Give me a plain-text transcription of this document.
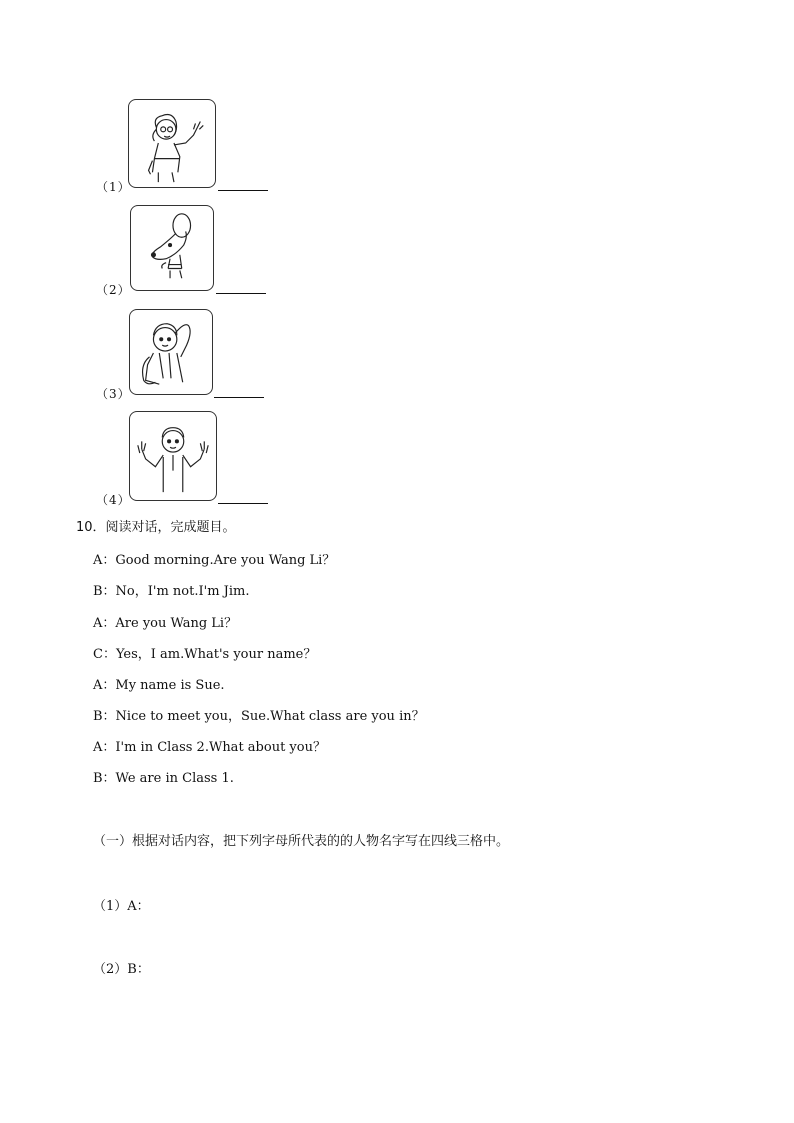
（1）
（2）
（3）
（4）
10．阅读对话，完成题目。
A：Good morning.Are you Wang Li？
B：No，I'm not.I'm Jim.
A：Are you Wang Li？
C：Yes，I am.What's your name？
A：My name is Sue.
B：Nice to meet you，Sue.What class are you in？
A：I'm in Class 2.What about you？
B：We are in Class 1.
（一）根据对话内容，把下列字母所代表的的人物名字写在四线三格中。
（1）A：
（2）B：
